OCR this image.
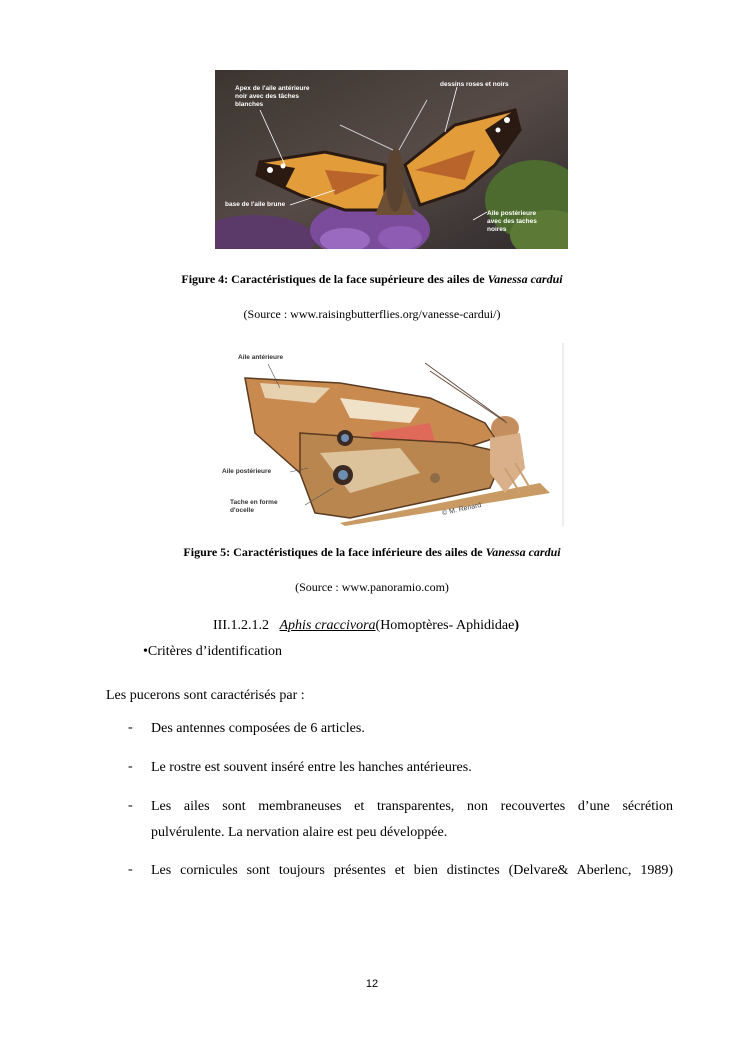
Apex de l'aile antérieure
noir avec des tâches
blanches
dessins roses et noirs
base de l'aile brune
Aile postérieure
avec des taches
noires
Figure 4: Caractéristiques de la face supérieure des ailes de Vanessa cardui
(Source : www.raisingbutterflies.org/vanesse-cardui/)
Aile antérieure
Aile postérieure
Tache en forme
d'ocelle	© M. Renard
Figure 5: Caractéristiques de la face inférieure des ailes de Vanessa cardui
(Source : www.panoramio.com)
III.1.2.1.2 Aphis craccivora(Homoptères- Aphididae)
•Critères d’identification
Les pucerons sont caractérisés par :
- Des antennes composées de 6 articles.
- Le rostre est souvent inséré entre les hanches antérieures.
- Les ailes sont membraneuses et transparentes, non recouvertes d’une sécrétion
pulvérulente. La nervation alaire est peu développée.
- Les cornicules sont toujours présentes et bien distinctes (Delvare& Aberlenc, 1989)
12
